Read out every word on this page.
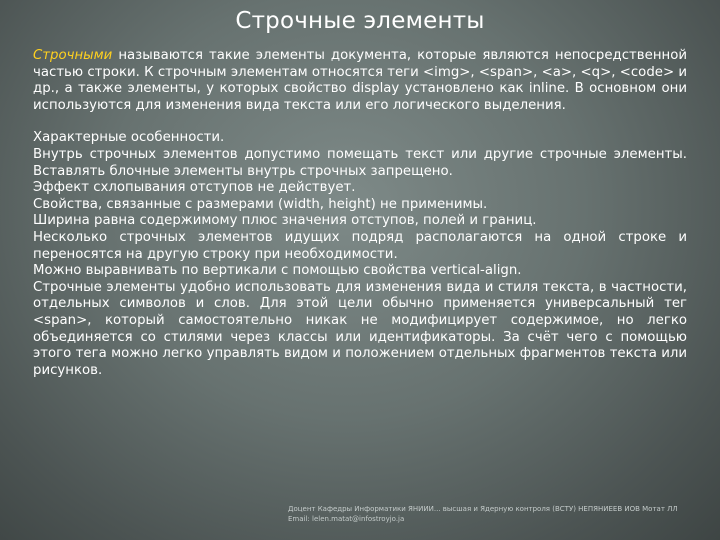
Строчные элементы

Строчными называются такие элементы документа, которые являются непосредственной частью строки. К строчным элементам относятся теги <img>, <span>, <a>, <q>, <code> и др., а также элементы, у которых свойство display установлено как inline. В основном они используются для изменения вида текста или его логического выделения.

Характерные особенности.

Внутрь строчных элементов допустимо помещать текст или другие строчные элементы. Вставлять блочные элементы внутрь строчных запрещено.

Эффект схлопывания отступов не действует.

Свойства, связанные с размерами (width, height) не применимы.

Ширина равна содержимому плюс значения отступов, полей и границ.

Несколько строчных элементов идущих подряд располагаются на одной строке и переносятся на другую строку при необходимости.

Можно выравнивать по вертикали с помощью свойства vertical-align.

Строчные элементы удобно использовать для изменения вида и стиля текста, в частности, отдельных символов и слов. Для этой цели обычно применяется универсальный тег <span>, который самостоятельно никак не модифицирует содержимое, но легко объединяется со стилями через классы или идентификаторы. За счёт чего с помощью этого тега можно легко управлять видом и положением отдельных фрагментов текста или рисунков.

Доцент Кафедры Информатики ЯНИИИ... высшая и Ядерную контроля (ВСТУ) НЕПЯНИЕЕВ ИОВ Мотат ЛЛ
Email: lelen.matat@infostroyjo.ja
